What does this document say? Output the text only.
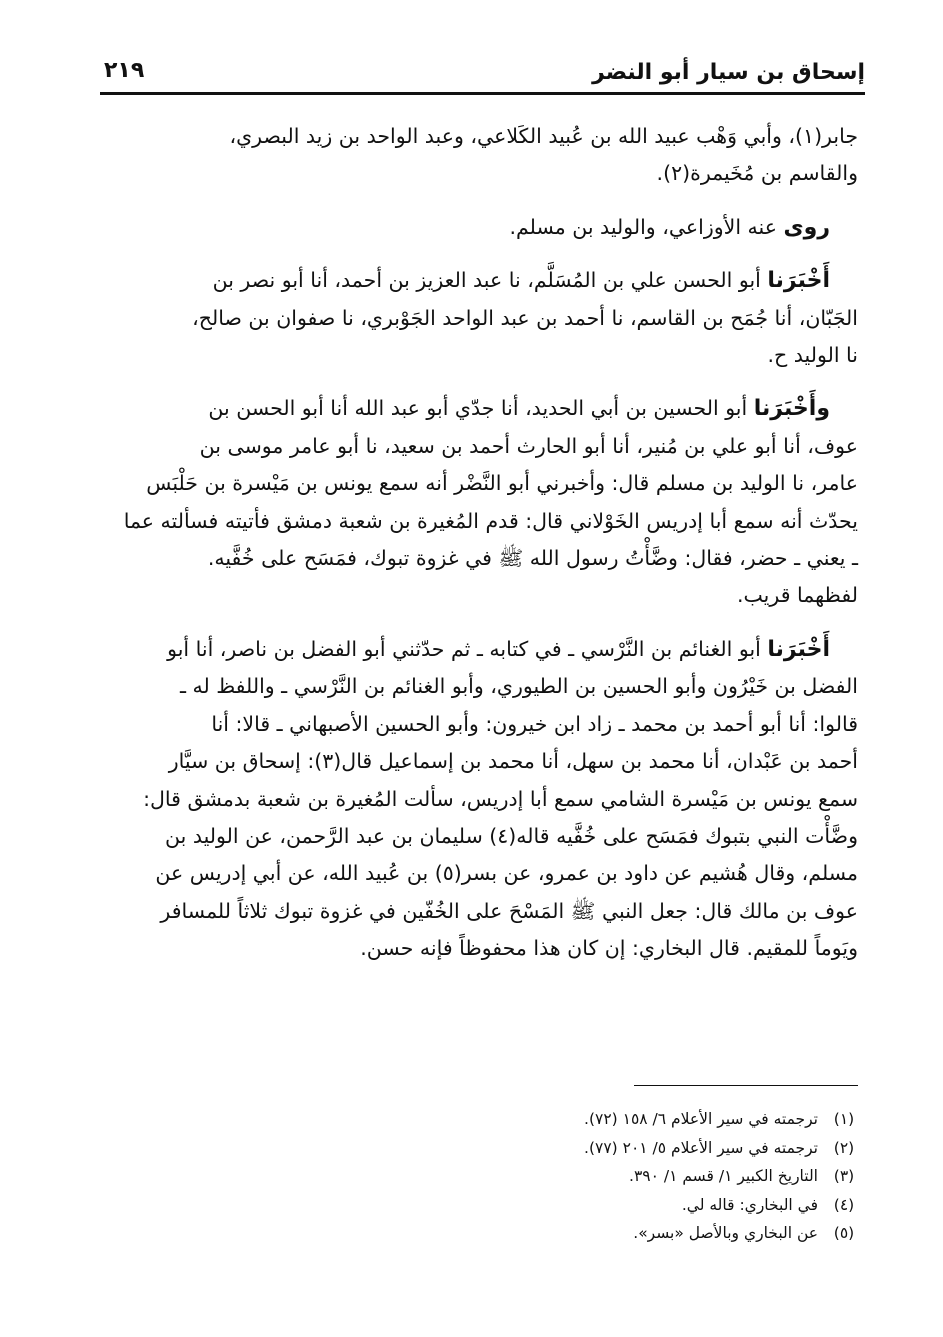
إسحاق بن سيار أبو النضر
٢١٩
جابر(١)، وأبي وَهْب عبيد الله بن عُبيد الكَلاعي، وعبد الواحد بن زيد البصري،
والقاسم بن مُخَيمرة(٢).
روى عنه الأوزاعي، والوليد بن مسلم.
أَخْبَرَنا أبو الحسن علي بن المُسَلَّم، نا عبد العزيز بن أحمد، أنا أبو نصر بن
الجَبّان، أنا جُمَح بن القاسم، نا أحمد بن عبد الواحد الجَوْبري، نا صفوان بن صالح،
نا الوليد ح.
وأَخْبَرَنا أبو الحسين بن أبي الحديد، أنا جدّي أبو عبد الله أنا أبو الحسن بن
عوف، أنا أبو علي بن مُنير، أنا أبو الحارث أحمد بن سعيد، نا أبو عامر موسى بن
عامر، نا الوليد بن مسلم قال: وأخبرني أبو النَّضْر أنه سمع يونس بن مَيْسرة بن حَلْبَس
يحدّث أنه سمع أبا إدريس الخَوْلاني قال: قدم المُغيرة بن شعبة دمشق فأتيته فسألته عما
ـ يعني ـ حضر، فقال: وضَّأْتُ رسول الله ﷺ في غزوة تبوك، فمَسَح على خُفَّيه.
لفظهما قريب.
أَخْبَرَنا أبو الغنائم بن النَّرْسي ـ في كتابه ـ ثم حدّثني أبو الفضل بن ناصر، أنا أبو
الفضل بن خَيْرُون وأبو الحسين بن الطيوري، وأبو الغنائم بن النَّرْسي ـ واللفظ له ـ
قالوا: أنا أبو أحمد بن محمد ـ زاد ابن خيرون: وأبو الحسين الأصبهاني ـ قالا: أنا
أحمد بن عَبْدان، أنا محمد بن سهل، أنا محمد بن إسماعيل قال(٣): إسحاق بن سيَّار
سمع يونس بن مَيْسرة الشامي سمع أبا إدريس، سألت المُغيرة بن شعبة بدمشق قال:
وضَّأْت النبي بتبوك فمَسَح على خُفَّيه قاله(٤) سليمان بن عبد الرَّحمن، عن الوليد بن
مسلم، وقال هُشيم عن داود بن عمرو، عن بسر(٥) بن عُبيد الله، عن أبي إدريس عن
عوف بن مالك قال: جعل النبي ﷺ المَسْحَ على الخُفّين في غزوة تبوك ثلاثاً للمسافر
ويَوماً للمقيم. قال البخاري: إن كان هذا محفوظاً فإنه حسن.
(١)
ترجمته في سير الأعلام ٦/ ١٥٨ (٧٢).
(٢)
ترجمته في سير الأعلام ٥/ ٢٠١ (٧٧).
(٣)
التاريخ الكبير ١/ قسم ١/ ٣٩٠.
(٤)
في البخاري: قاله لي.
(٥)
عن البخاري وبالأصل «بسر».
